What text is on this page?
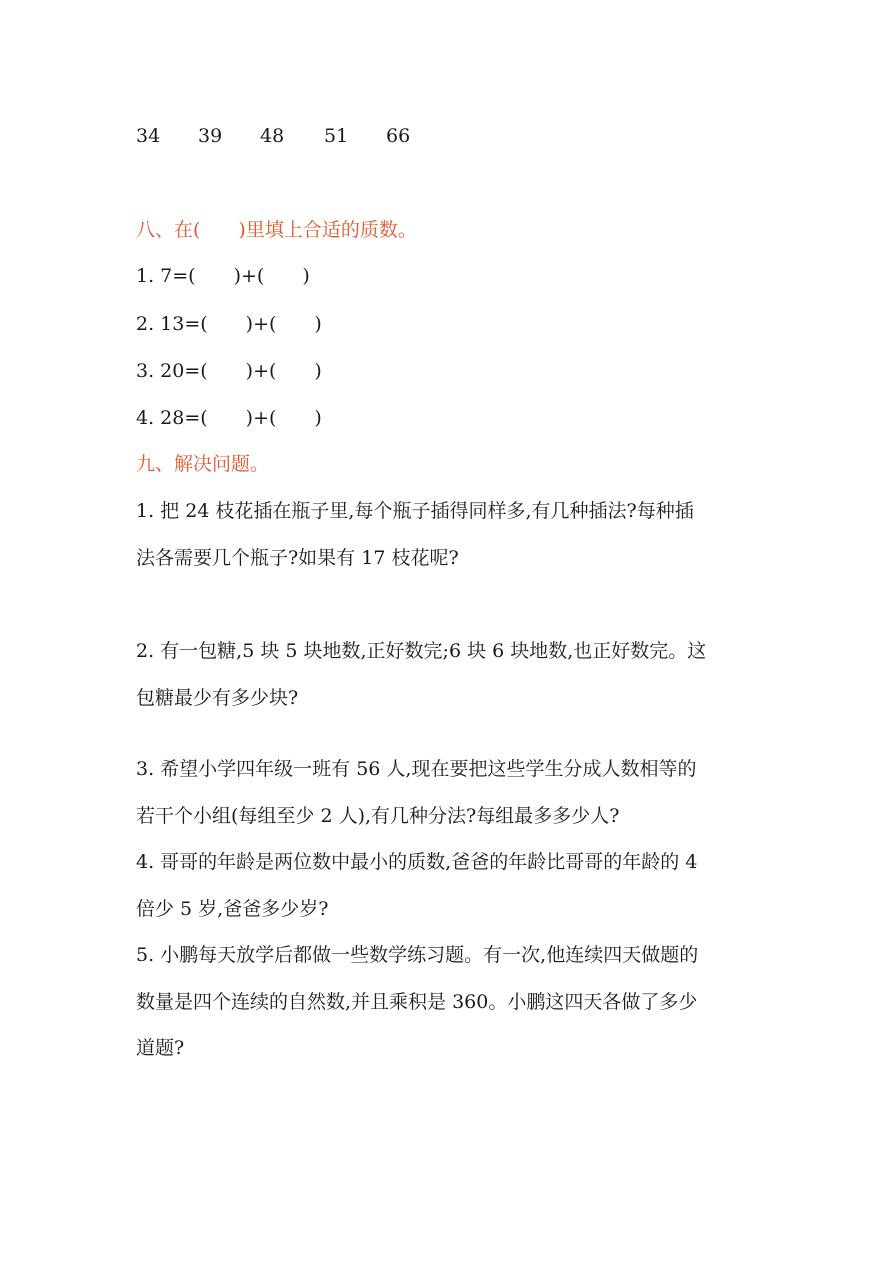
34 39 48 51 66
八、在(　　)里填上合适的质数。
1. 7=(　　)+(　　)
2. 13=(　　)+(　　)
3. 20=(　　)+(　　)
4. 28=(　　)+(　　)
九、解决问题。
1. 把 24 枝花插在瓶子里,每个瓶子插得同样多,有几种插法?每种插
法各需要几个瓶子?如果有 17 枝花呢?
2. 有一包糖,5 块 5 块地数,正好数完;6 块 6 块地数,也正好数完。这
包糖最少有多少块?
3. 希望小学四年级一班有 56 人,现在要把这些学生分成人数相等的
若干个小组(每组至少 2 人),有几种分法?每组最多多少人?
4. 哥哥的年龄是两位数中最小的质数,爸爸的年龄比哥哥的年龄的 4
倍少 5 岁,爸爸多少岁?
5. 小鹏每天放学后都做一些数学练习题。有一次,他连续四天做题的
数量是四个连续的自然数,并且乘积是 360。小鹏这四天各做了多少
道题?
